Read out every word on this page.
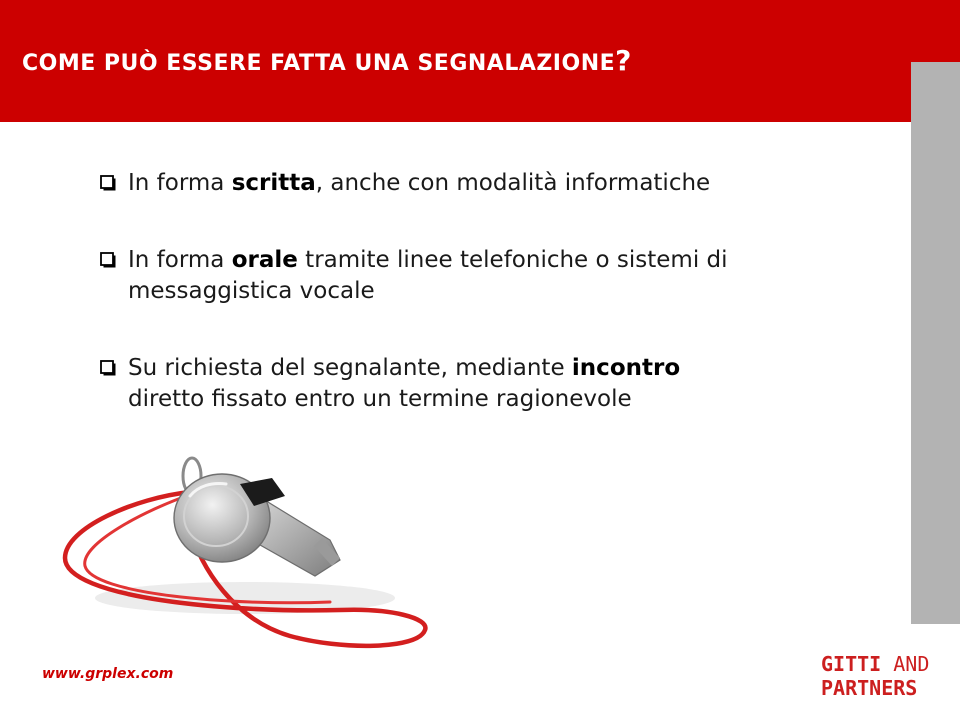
COME PUÒ ESSERE FATTA UNA SEGNALAZIONE?
In forma scritta, anche con modalità informatiche
In forma orale tramite linee telefoniche o sistemi di
messaggistica vocale
Su richiesta del segnalante, mediante incontro
diretto fissato entro un termine ragionevole
www.grplex.com	GITTI AND
PARTNERS
